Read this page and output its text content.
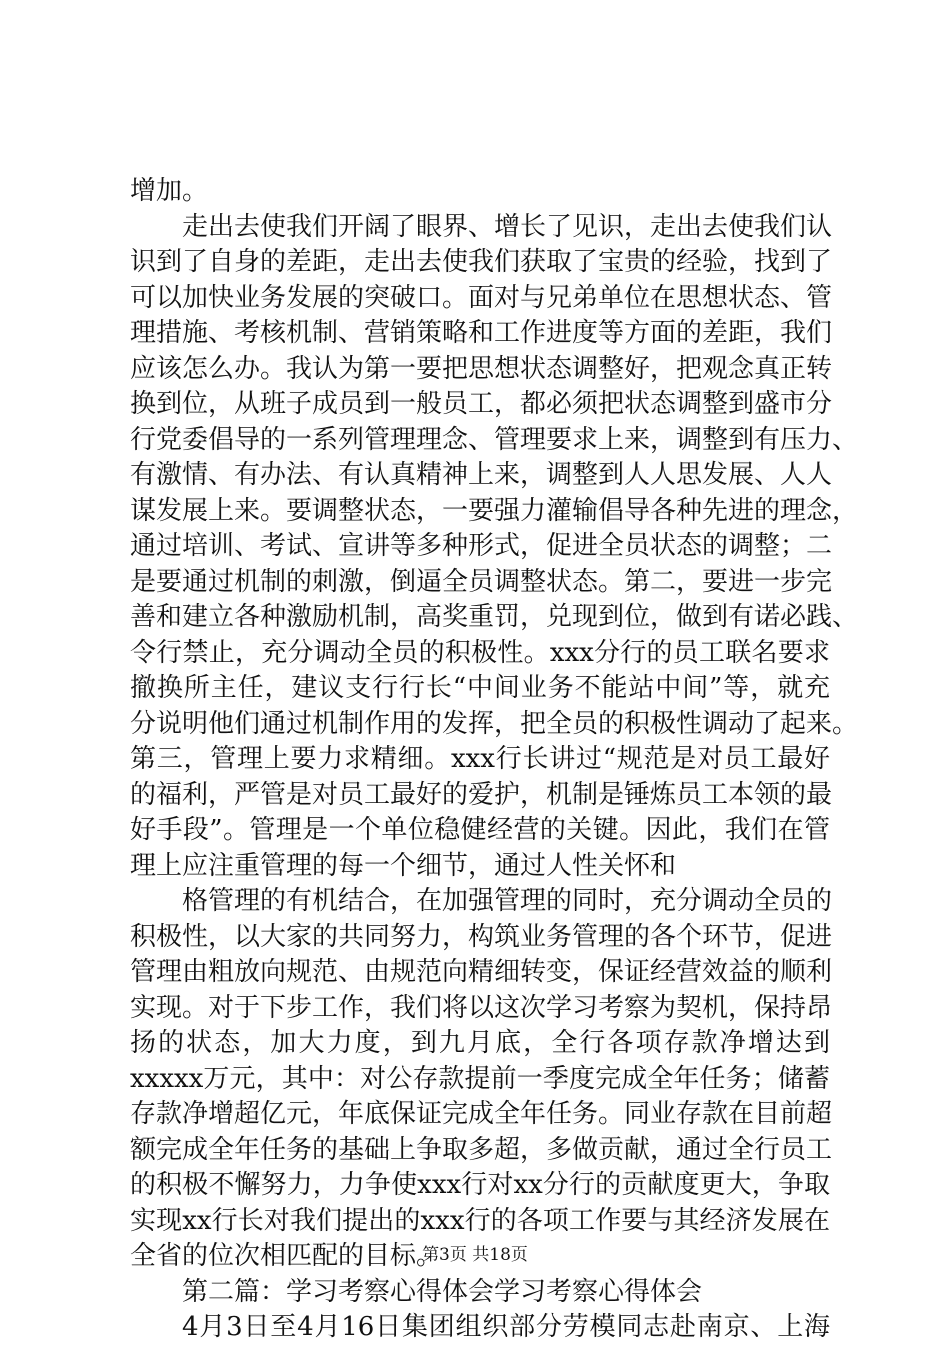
增加。
走出去使我们开阔了眼界、增长了见识，走出去使我们认
识到了自身的差距，走出去使我们获取了宝贵的经验，找到了
可以加快业务发展的突破口。面对与兄弟单位在思想状态、管
理措施、考核机制、营销策略和工作进度等方面的差距，我们
应该怎么办。我认为第一要把思想状态调整好，把观念真正转
换到位，从班子成员到一般员工，都必须把状态调整到盛市分
行党委倡导的一系列管理理念、管理要求上来，调整到有压力、
有激情、有办法、有认真精神上来，调整到人人思发展、人人
谋发展上来。要调整状态，一要强力灌输倡导各种先进的理念，
通过培训、考试、宣讲等多种形式，促进全员状态的调整；二
是要通过机制的刺激，倒逼全员调整状态。第二，要进一步完
善和建立各种激励机制，高奖重罚，兑现到位，做到有诺必践、
令行禁止，充分调动全员的积极性。xxx分行的员工联名要求
撤换所主任，建议支行行长“中间业务不能站中间”等，就充
分说明他们通过机制作用的发挥，把全员的积极性调动了起来。
第三，管理上要力求精细。xxx行长讲过“规范是对员工最好
的福利，严管是对员工最好的爱护，机制是锤炼员工本领的最
好手段”。管理是一个单位稳健经营的关键。因此，我们在管
理上应注重管理的每一个细节，通过人性关怀和
格管理的有机结合，在加强管理的同时，充分调动全员的
积极性，以大家的共同努力，构筑业务管理的各个环节，促进
管理由粗放向规范、由规范向精细转变，保证经营效益的顺利
实现。对于下步工作，我们将以这次学习考察为契机，保持昂
扬的状态，加大力度，到九月底，全行各项存款净增达到
xxxxx万元，其中：对公存款提前一季度完成全年任务；储蓄
存款净增超亿元，年底保证完成全年任务。同业存款在目前超
额完成全年任务的基础上争取多超，多做贡献，通过全行员工
的积极不懈努力，力争使xxx行对xx分行的贡献度更大，争取
实现xx行长对我们提出的xxx行的各项工作要与其经济发展在
全省的位次相匹配的目标。
第二篇：学习考察心得体会学习考察心得体会
4月3日至4月16日集团组织部分劳模同志赴南京、上海
第3页 共18页
